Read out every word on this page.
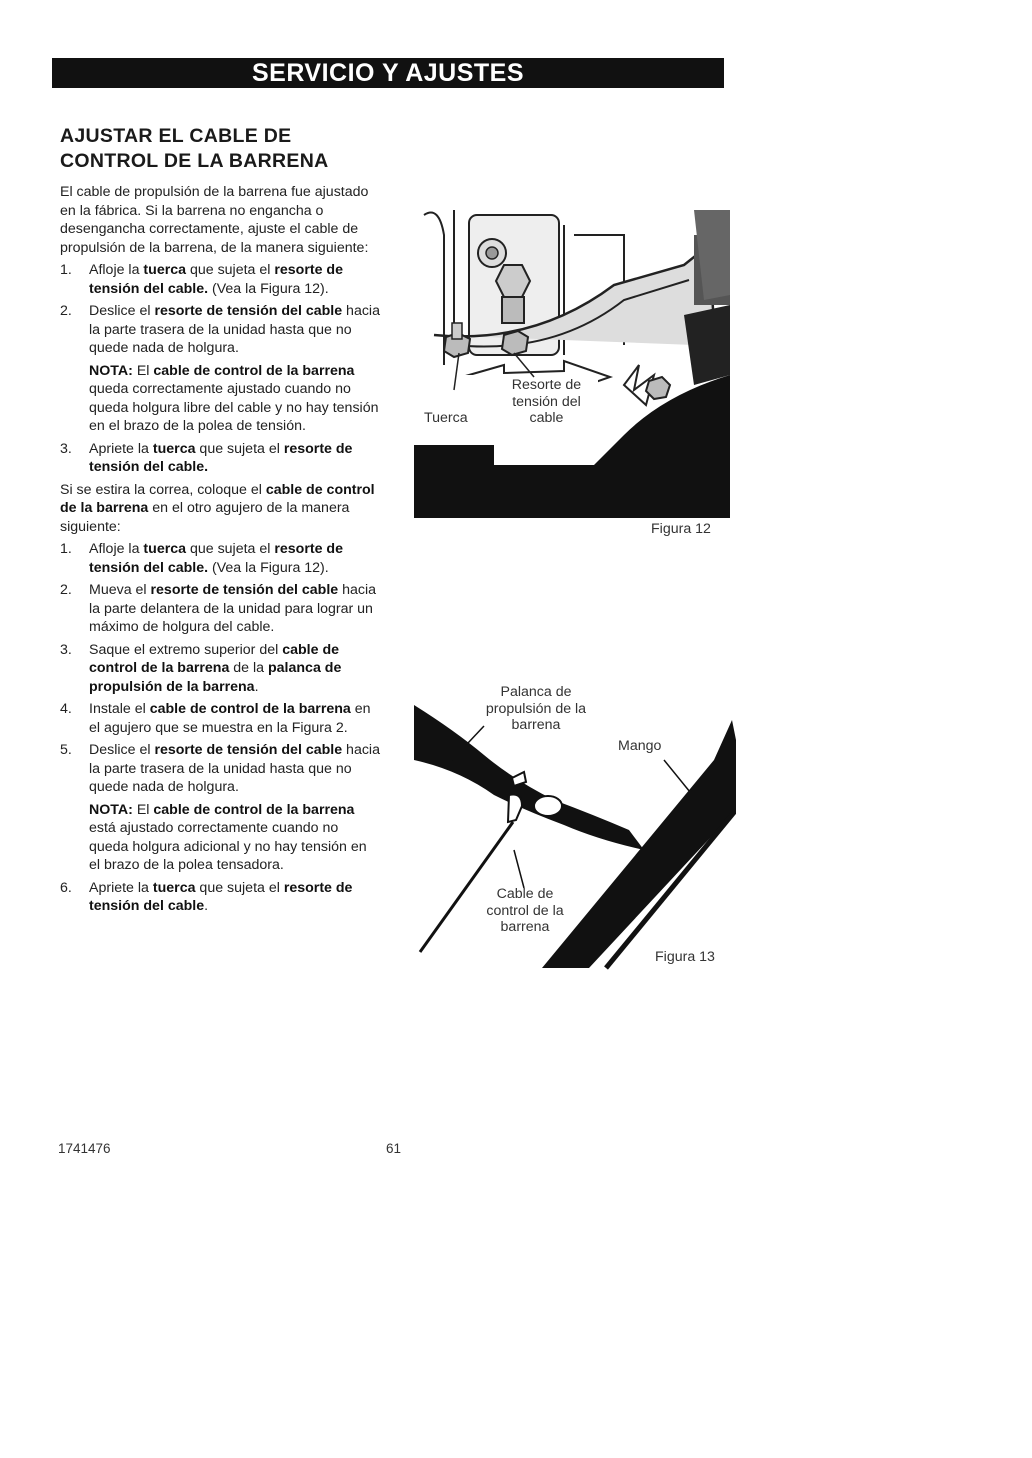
SERVICIO Y AJUSTES
AJUSTAR EL CABLE DE
CONTROL DE LA BARRENA

El cable de propulsión de la barrena fue ajustado en la fábrica. Si la barrena no engancha o desengancha correctamente, ajuste el cable de propulsión de la barrena, de la manera siguiente:

1. Afloje la tuerca que sujeta el resorte de tensión del cable. (Vea la Figura 12).
2. Deslice el resorte de tensión del cable hacia la parte trasera de la unidad hasta que no quede nada de holgura.
NOTA: El cable de control de la barrena queda correctamente ajustado cuando no queda holgura libre del cable y no hay tensión en el brazo de la polea de tensión.
3. Apriete la tuerca que sujeta el resorte de tensión del cable.

Si se estira la correa, coloque el cable de control de la barrena en el otro agujero de la manera siguiente:

1. Afloje la tuerca que sujeta el resorte de tensión del cable. (Vea la Figura 12).
2. Mueva el resorte de tensión del cable hacia la parte delantera de la unidad para lograr un máximo de holgura del cable.
3. Saque el extremo superior del cable de control de la barrena de la palanca de propulsión de la barrena.
4. Instale el cable de control de la barrena en el agujero que se muestra en la Figura 2.
5. Deslice el resorte de tensión del cable hacia la parte trasera de la unidad hasta que no quede nada de holgura.
NOTA: El cable de control de la barrena está ajustado correctamente cuando no queda holgura adicional y no hay tensión en el brazo de la polea tensadora.
6. Apriete la tuerca que sujeta el resorte de tensión del cable.
Tuerca
Resorte de tensión del cable
Figura 12
Palanca de propulsión de la barrena
Mango
Cable de control de la barrena
Figura 13
1741476	61
